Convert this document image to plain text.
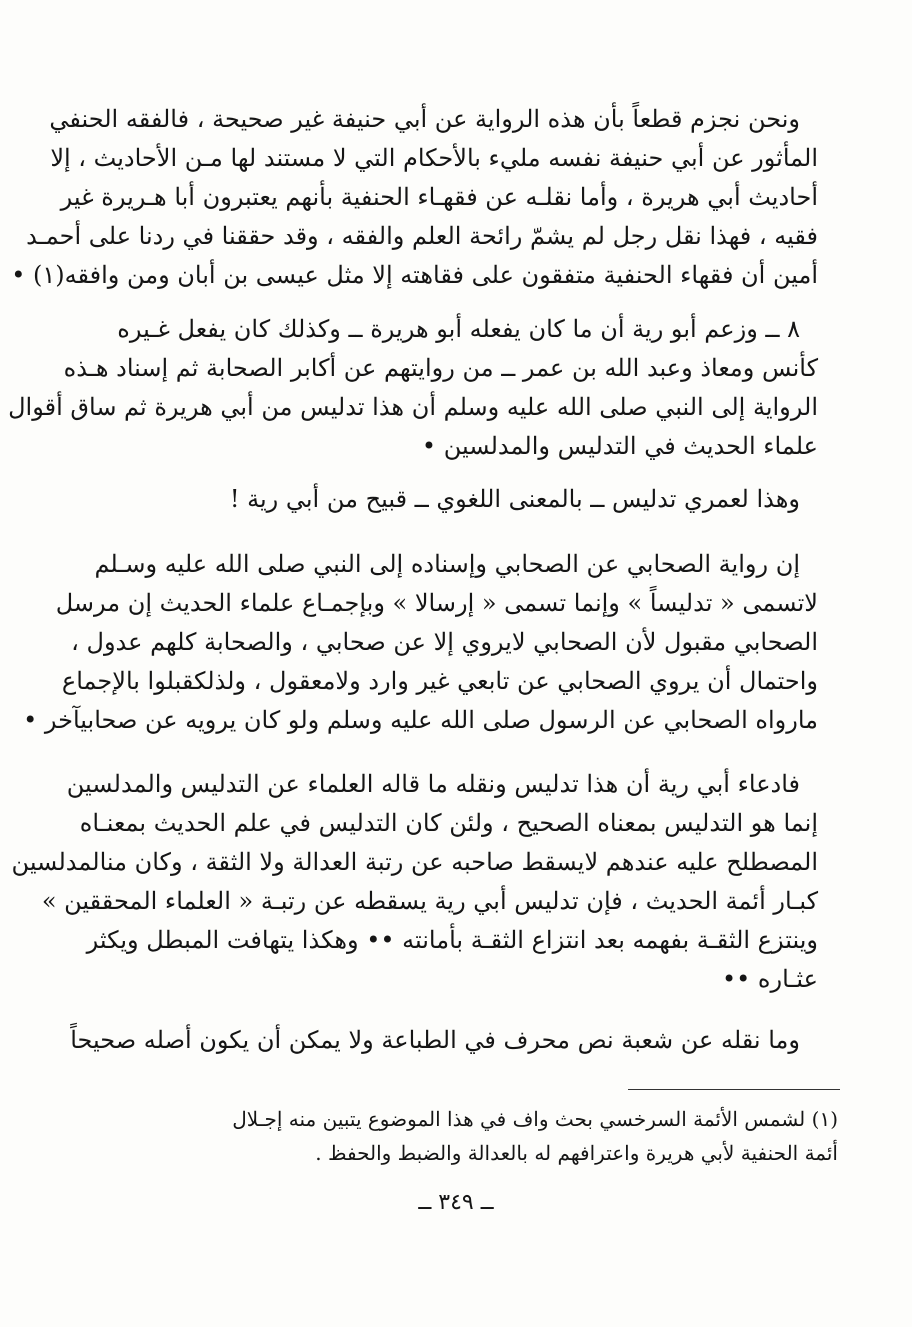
ونحن نجزم قطعاً بأن هذه الرواية عن أبي حنيفة غير صحيحة ، فالفقه الحنفي
المأثور عن أبي حنيفة نفسه مليء بالأحكام التي لا مستند لها مـن الأحاديث ، إلا
أحاديث أبي هريرة ، وأما نقلـه عن فقهـاء الحنفية بأنهم يعتبرون أبا هـريرة غير
فقيه ، فهذا نقل رجل لم يشمّ رائحة العلم والفقه ، وقد حققنا في ردنا على أحمـد
أمين أن فقهاء الحنفية متفقون على فقاهته إلا مثل عيسى بن أبان ومن وافقه(١) •
٨ ــ وزعم أبو رية أن ما كان يفعله أبو هريرة ــ وكذلك كان يفعل غـيره
كأنس ومعاذ وعبد الله بن عمر ــ من روايتهم عن أكابر الصحابة ثم إسناد هـذه
الرواية إلى النبي صلى الله عليه وسلم أن هذا تدليس من أبي هريرة ثم ساق أقوال
علماء الحديث في التدليس والمدلسين •
وهذا لعمري تدليس ــ بالمعنى اللغوي ــ قبيح من أبي رية !
إن رواية الصحابي عن الصحابي وإسناده إلى النبي صلى الله عليه وسـلم
لاتسمى « تدليساً » وإنما تسمى « إرسالا » وبإجمـاع علماء الحديث إن مرسل
الصحابي مقبول لأن الصحابي لايروي إلا عن صحابي ، والصحابة كلهم عدول ،
واحتمال أن يروي الصحابي عن تابعي غير وارد ولامعقول ، ولذلكقبلوا بالإجماع
مارواه الصحابي عن الرسول صلى الله عليه وسلم ولو كان يرويه عن صحابيآخر •
فادعاء أبي رية أن هذا تدليس ونقله ما قاله العلماء عن التدليس والمدلسين
إنما هو التدليس بمعناه الصحيح ، ولئن كان التدليس في علم الحديث بمعنـاه
المصطلح عليه عندهم لايسقط صاحبه عن رتبة العدالة ولا الثقة ، وكان منالمدلسين
كبـار أئمة الحديث ، فإن تدليس أبي رية يسقطه عن رتبـة « العلماء المحققين »
وينتزع الثقـة بفهمه بعد انتزاع الثقـة بأمانته •• وهكذا يتهافت المبطل ويكثر
عثـاره ••
وما نقله عن شعبة نص محرف في الطباعة ولا يمكن أن يكون أصله صحيحاً
(١) لشمس الأئمة السرخسي بحث واف في هذا الموضوع يتبين منه إجـلال
أئمة الحنفية لأبي هريرة واعترافهم له بالعدالة والضبط والحفظ .
ــ ٣٤٩ ــ
